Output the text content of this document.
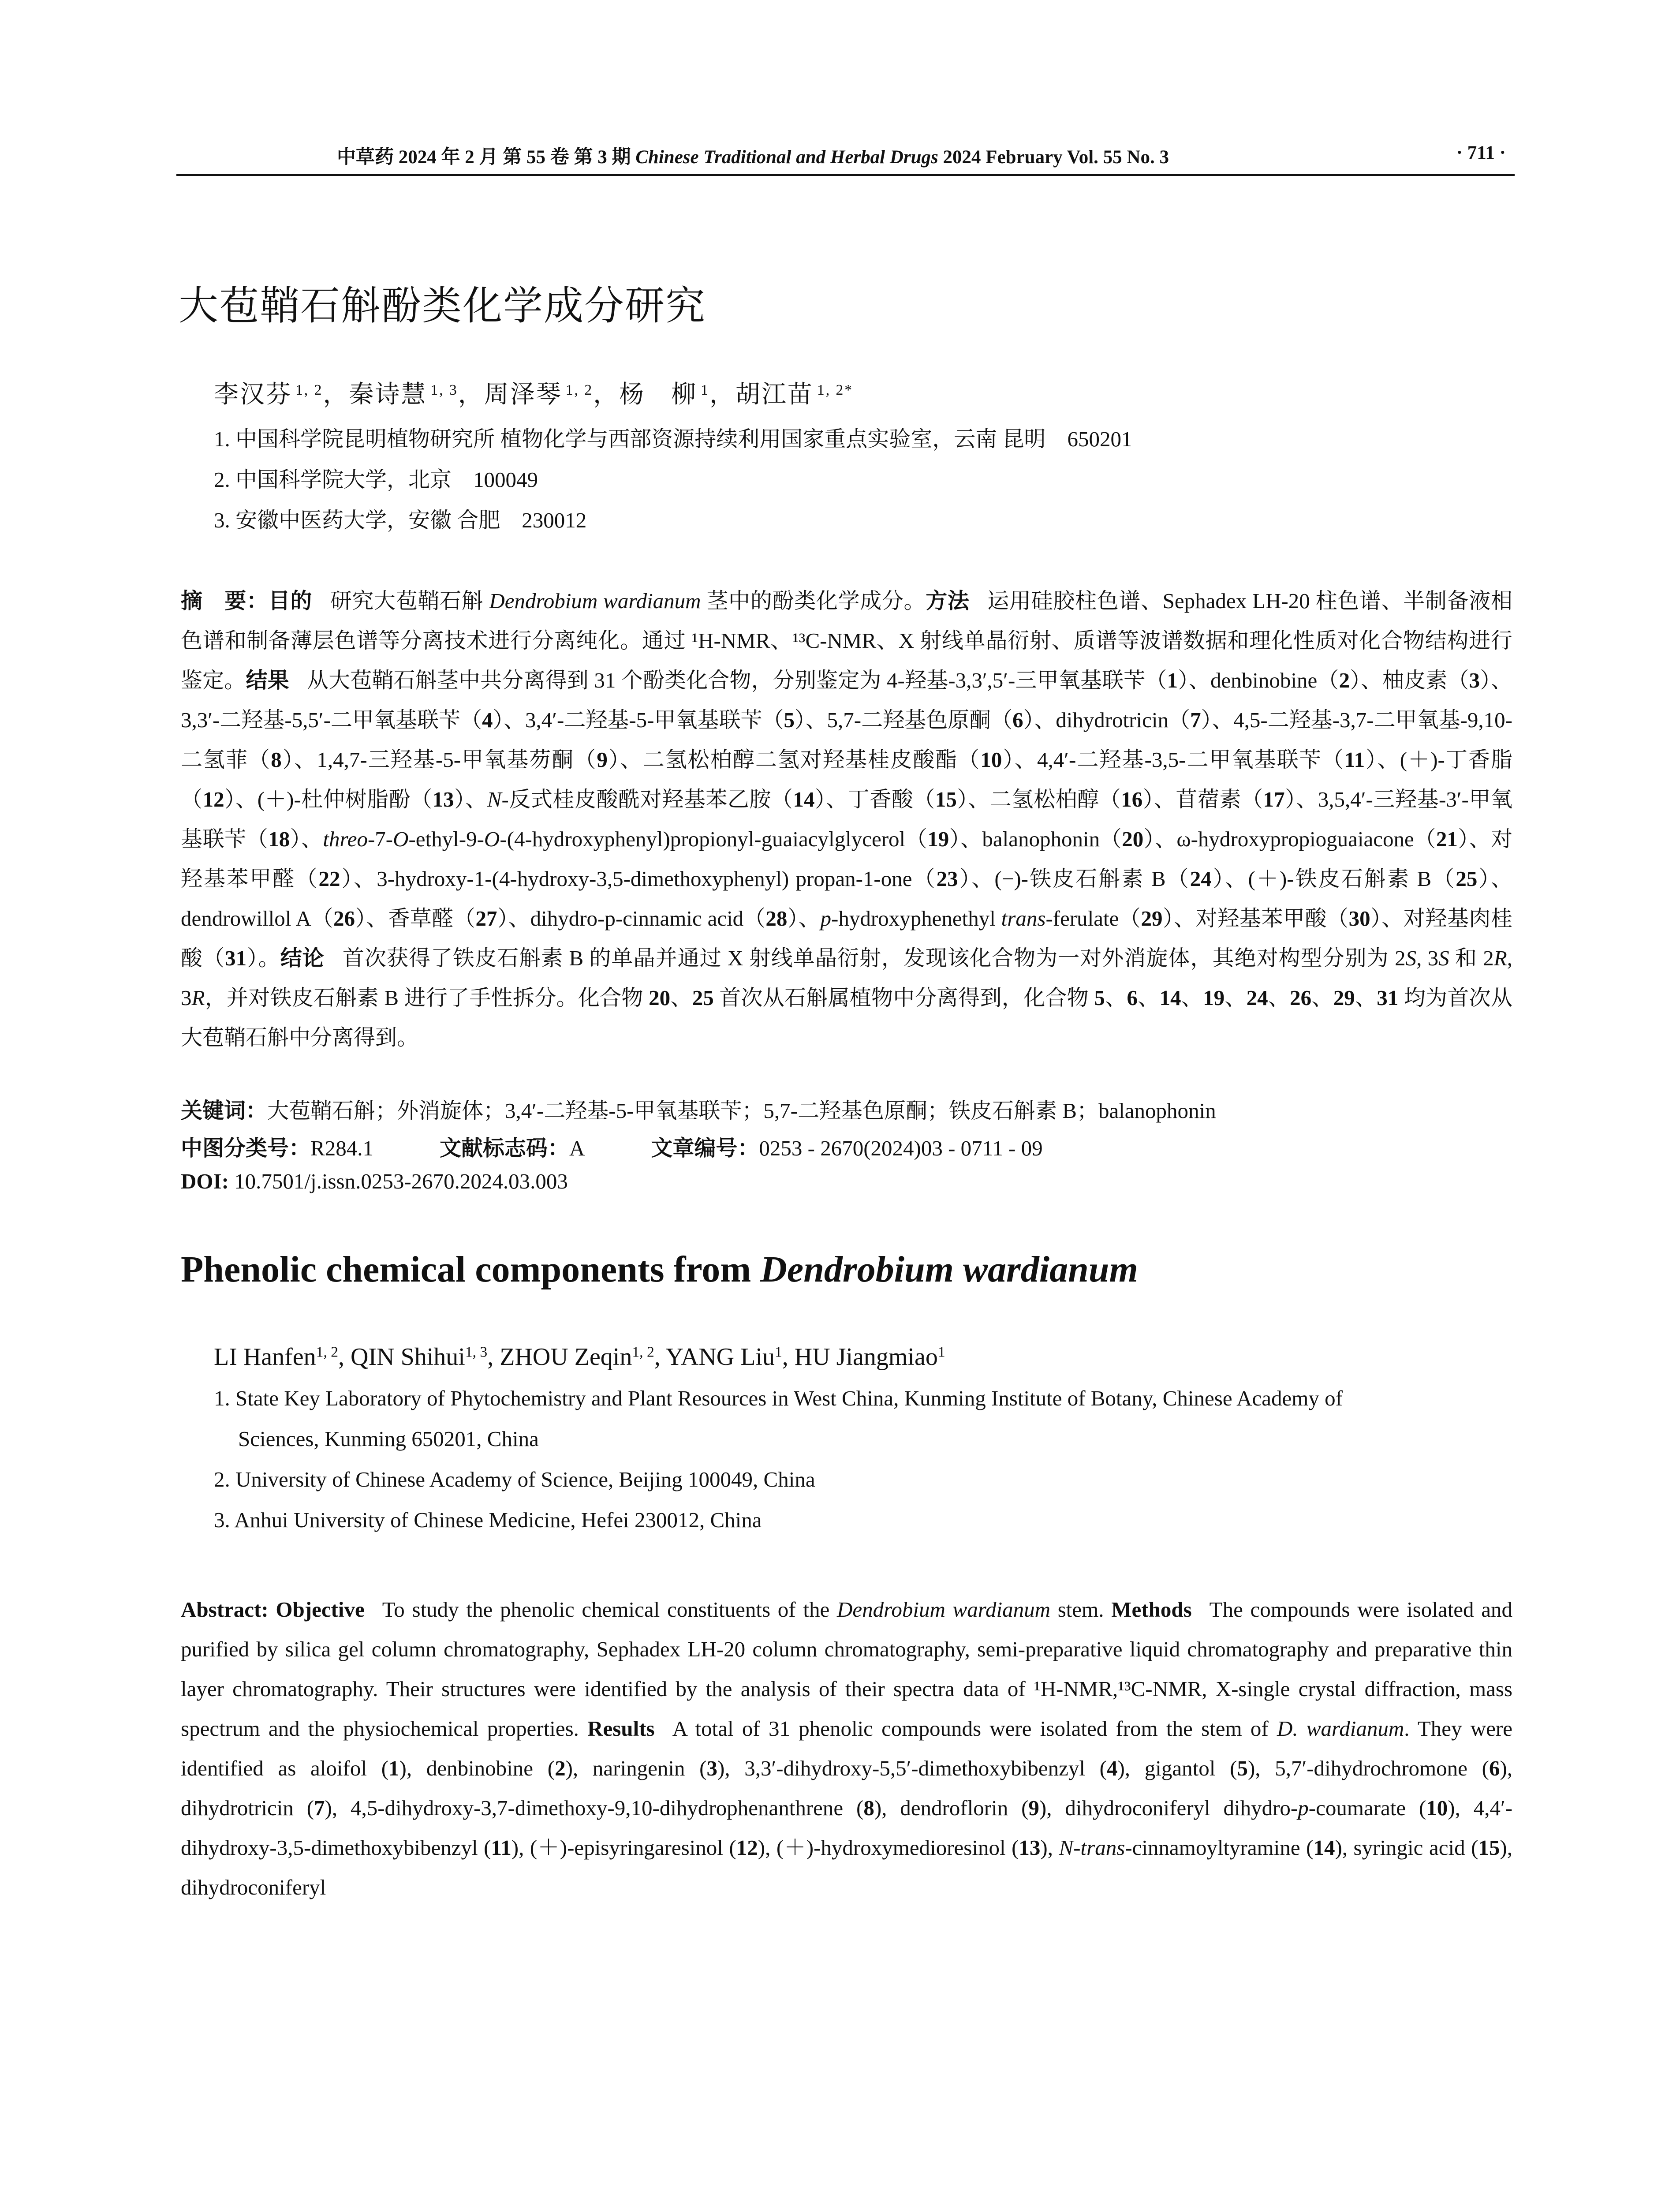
中草药 2024 年 2 月 第 55 卷 第 3 期 Chinese Traditional and Herbal Drugs 2024 February Vol. 55 No. 3	· 711 ·
大苞鞘石斛酚类化学成分研究
李汉芬 $^{1, 2}$，秦诗慧 $^{1, 3}$，周泽琴 $^{1, 2}$，杨　柳 $^1$，胡江苗 $^{1, 2*}$
1. 中国科学院昆明植物研究所 植物化学与西部资源持续利用国家重点实验室，云南 昆明　650201
2. 中国科学院大学，北京　100049
3. 安徽中医药大学，安徽 合肥　230012
摘　要：目的 研究大苞鞘石斛 Dendrobium wardianum 茎中的酚类化学成分。方法 运用硅胶柱色谱、Sephadex LH-20 柱色谱、半制备液相色谱和制备薄层色谱等分离技术进行分离纯化。通过 ¹H-NMR、¹³C-NMR、X 射线单晶衍射、质谱等波谱数据和理化性质对化合物结构进行鉴定。结果 从大苞鞘石斛茎中共分离得到 31 个酚类化合物，分别鉴定为 4-羟基-3,3′,5′-三甲氧基联苄（1）、denbinobine（2）、柚皮素（3）、3,3′-二羟基-5,5′-二甲氧基联苄（4）、3,4′-二羟基-5-甲氧基联苄（5）、5,7-二羟基色原酮（6）、dihydrotricin（7）、4,5-二羟基-3,7-二甲氧基-9,10-二氢菲（8）、1,4,7-三羟基-5-甲氧基芴酮（9）、二氢松柏醇二氢对羟基桂皮酸酯（10）、4,4′-二羟基-3,5-二甲氧基联苄（11）、(＋)-丁香脂（12）、(＋)-杜仲树脂酚（13）、N-反式桂皮酸酰对羟基苯乙胺（14）、丁香酸（15）、二氢松柏醇（16）、苜蓿素（17）、3,5,4′-三羟基-3′-甲氧基联苄（18）、threo-7-O-ethyl-9-O-(4-hydroxyphenyl)propionyl-guaiacylglycerol（19）、balanophonin（20）、ω-hydroxypropioguaiacone（21）、对羟基苯甲醛（22）、3-hydroxy-1-(4-hydroxy-3,5-dimethoxyphenyl) propan-1-one（23）、(−)-铁皮石斛素 B（24）、(＋)-铁皮石斛素 B（25）、dendrowillol A（26）、香草醛（27）、dihydro-p-cinnamic acid（28）、p-hydroxyphenethyl trans-ferulate（29）、对羟基苯甲酸（30）、对羟基肉桂酸（31）。结论 首次获得了铁皮石斛素 B 的单晶并通过 X 射线单晶衍射，发现该化合物为一对外消旋体，其绝对构型分别为 2S, 3S 和 2R, 3R，并对铁皮石斛素 B 进行了手性拆分。化合物 20、25 首次从石斛属植物中分离得到，化合物 5、6、14、19、24、26、29、31 均为首次从大苞鞘石斛中分离得到。
关键词：大苞鞘石斛；外消旋体；3,4′-二羟基-5-甲氧基联苄；5,7-二羟基色原酮；铁皮石斛素 B；balanophonin
中图分类号：R284.1	文献标志码：A	文章编号：0253 - 2670(2024)03 - 0711 - 09
DOI: 10.7501/j.issn.0253-2670.2024.03.003
Phenolic chemical components from Dendrobium wardianum
LI Hanfen$^{1, 2}$, QIN Shihui$^{1, 3}$, ZHOU Zeqin$^{1, 2}$, YANG Liu$^1$, HU Jiangmiao$^1$
1. State Key Laboratory of Phytochemistry and Plant Resources in West China, Kunming Institute of Botany, Chinese Academy of
Sciences, Kunming 650201, China
2. University of Chinese Academy of Science, Beijing 100049, China
3. Anhui University of Chinese Medicine, Hefei 230012, China
Abstract: Objective To study the phenolic chemical constituents of the Dendrobium wardianum stem. Methods The compounds were isolated and purified by silica gel column chromatography, Sephadex LH-20 column chromatography, semi-preparative liquid chromatography and preparative thin layer chromatography. Their structures were identified by the analysis of their spectra data of ¹H-NMR,¹³C-NMR, X-single crystal diffraction, mass spectrum and the physiochemical properties. Results A total of 31 phenolic compounds were isolated from the stem of D. wardianum. They were identified as aloifol (1), denbinobine (2), naringenin (3), 3,3′-dihydroxy-5,5′-dimethoxybibenzyl (4), gigantol (5), 5,7′-dihydrochromone (6), dihydrotricin (7), 4,5-dihydroxy-3,7-dimethoxy-9,10-dihydrophenanthrene (8), dendroflorin (9), dihydroconiferyl dihydro-p-coumarate (10), 4,4′-dihydroxy-3,5-dimethoxybibenzyl (11), (＋)-episyringaresinol (12), (＋)-hydroxymedioresinol (13), N-trans-cinnamoyltyramine (14), syringic acid (15), dihydroconiferyl
